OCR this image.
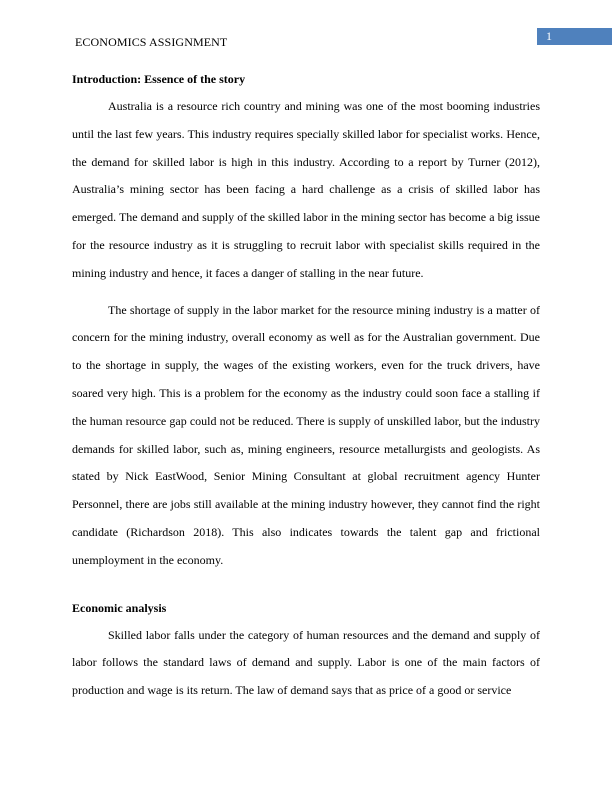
ECONOMICS ASSIGNMENT	1
Introduction: Essence of the story

Australia is a resource rich country and mining was one of the most booming industries until the last few years. This industry requires specially skilled labor for specialist works. Hence, the demand for skilled labor is high in this industry. According to a report by Turner (2012), Australia’s mining sector has been facing a hard challenge as a crisis of skilled labor has emerged. The demand and supply of the skilled labor in the mining sector has become a big issue for the resource industry as it is struggling to recruit labor with specialist skills required in the mining industry and hence, it faces a danger of stalling in the near future.

The shortage of supply in the labor market for the resource mining industry is a matter of concern for the mining industry, overall economy as well as for the Australian government. Due to the shortage in supply, the wages of the existing workers, even for the truck drivers, have soared very high. This is a problem for the economy as the industry could soon face a stalling if the human resource gap could not be reduced. There is supply of unskilled labor, but the industry demands for skilled labor, such as, mining engineers, resource metallurgists and geologists. As stated by Nick EastWood, Senior Mining Consultant at global recruitment agency Hunter Personnel, there are jobs still available at the mining industry however, they cannot find the right candidate (Richardson 2018). This also indicates towards the talent gap and frictional unemployment in the economy.

Economic analysis

Skilled labor falls under the category of human resources and the demand and supply of labor follows the standard laws of demand and supply. Labor is one of the main factors of production and wage is its return. The law of demand says that as price of a good or service
